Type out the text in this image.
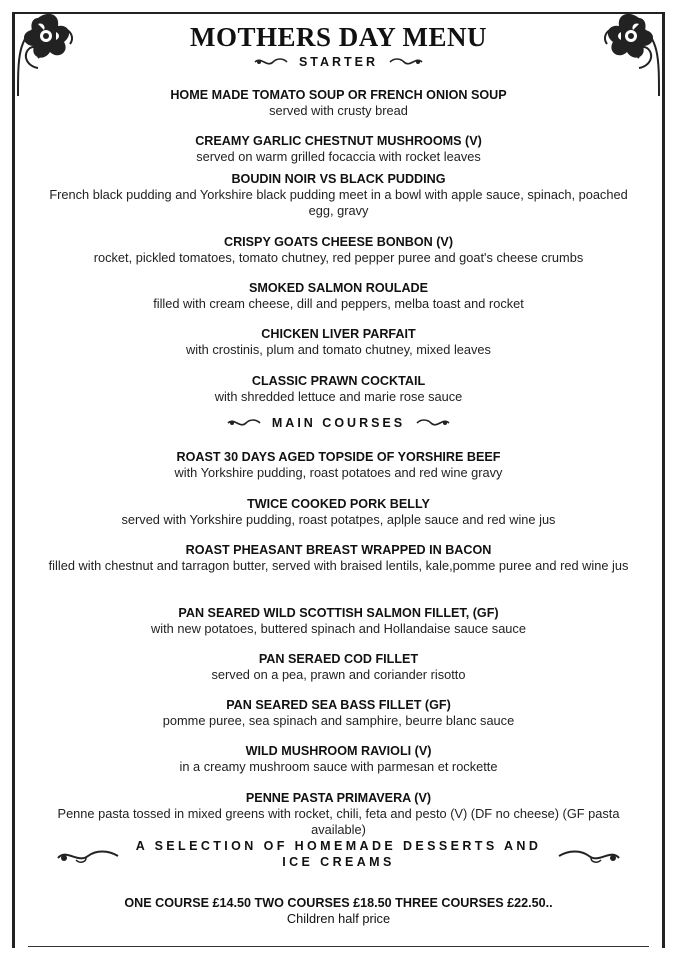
MOTHERS DAY MENU
STARTER
HOME MADE TOMATO SOUP OR FRENCH ONION SOUP
served with crusty bread
CREAMY GARLIC CHESTNUT MUSHROOMS (V)
served on warm grilled focaccia with rocket leaves
BOUDIN NOIR VS BLACK PUDDING
French black pudding and Yorkshire black pudding meet in a bowl with apple sauce, spinach, poached egg, gravy
CRISPY GOATS CHEESE BONBON (V)
rocket, pickled tomatoes, tomato chutney, red pepper puree and goat's cheese crumbs
SMOKED SALMON ROULADE
filled with cream cheese, dill and peppers, melba toast and rocket
CHICKEN LIVER PARFAIT
with crostinis, plum and tomato chutney, mixed leaves
CLASSIC PRAWN COCKTAIL
with shredded lettuce and marie rose sauce
MAIN COURSES
ROAST 30 DAYS AGED TOPSIDE OF YORSHIRE BEEF
with Yorkshire pudding, roast potatoes and red wine gravy
TWICE COOKED PORK BELLY
served with Yorkshire pudding, roast potatpes, aplple sauce and red wine jus
ROAST PHEASANT BREAST WRAPPED IN BACON
filled with chestnut and tarragon butter, served with braised lentils, kale,pomme puree and red wine jus
PAN SEARED WILD SCOTTISH SALMON FILLET, (GF)
with new potatoes, buttered spinach and Hollandaise sauce sauce
PAN SERAED COD FILLET
served on a pea, prawn and coriander risotto
PAN SEARED SEA BASS FILLET (GF)
pomme puree, sea spinach and samphire, beurre blanc sauce
WILD MUSHROOM RAVIOLI (V)
in a creamy mushroom sauce with parmesan et rockette
PENNE PASTA PRIMAVERA (V)
Penne pasta tossed in mixed greens with rocket, chili, feta and pesto (V) (DF no cheese) (GF pasta available)
A SELECTION OF HOMEMADE DESSERTS AND ICE CREAMS
ONE COURSE £14.50 TWO COURSES £18.50 THREE COURSES £22.50..
Children half price
